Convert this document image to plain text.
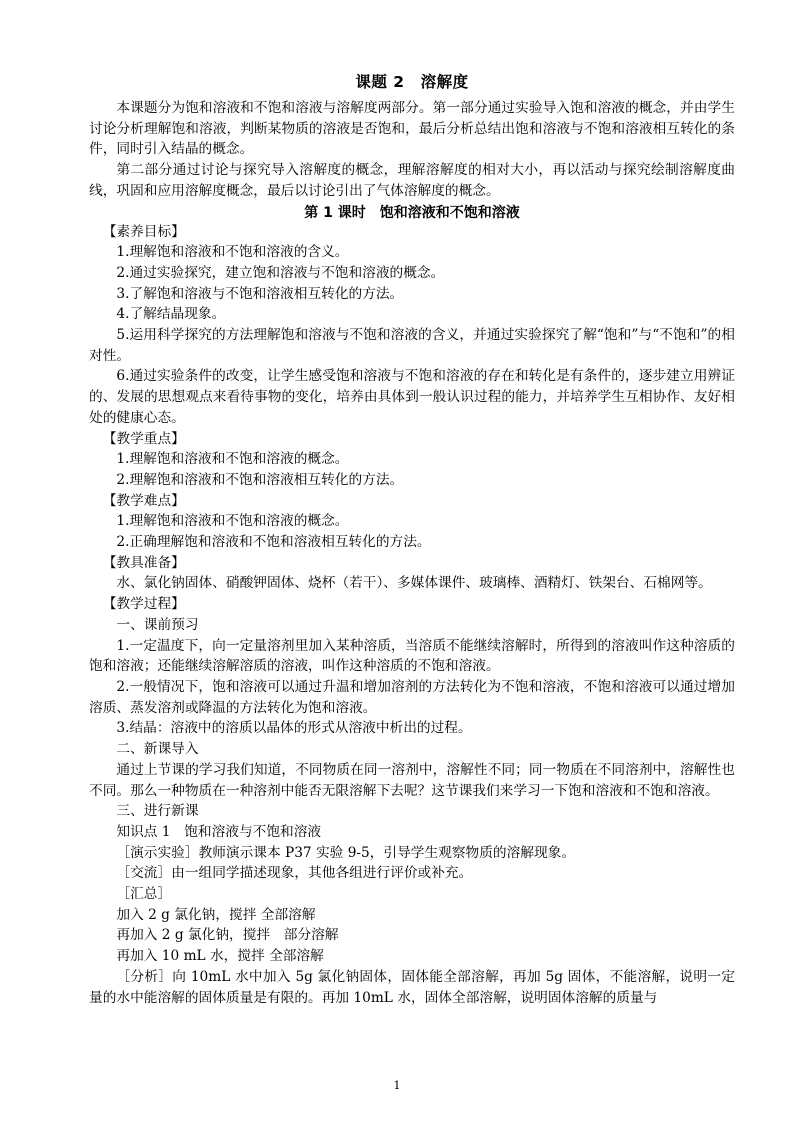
课题 2　溶解度

本课题分为饱和溶液和不饱和溶液与溶解度两部分。第一部分通过实验导入饱和溶液的概念，并由学生讨论分析理解饱和溶液，判断某物质的溶液是否饱和，最后分析总结出饱和溶液与不饱和溶液相互转化的条件，同时引入结晶的概念。

第二部分通过讨论与探究导入溶解度的概念，理解溶解度的相对大小，再以活动与探究绘制溶解度曲线，巩固和应用溶解度概念，最后以讨论引出了气体溶解度的概念。

第 1 课时　饱和溶液和不饱和溶液

【素养目标】

1.理解饱和溶液和不饱和溶液的含义。

2.通过实验探究，建立饱和溶液与不饱和溶液的概念。

3.了解饱和溶液与不饱和溶液相互转化的方法。

4.了解结晶现象。

5.运用科学探究的方法理解饱和溶液与不饱和溶液的含义，并通过实验探究了解“饱和”与“不饱和”的相对性。

6.通过实验条件的改变，让学生感受饱和溶液与不饱和溶液的存在和转化是有条件的，逐步建立用辨证的、发展的思想观点来看待事物的变化，培养由具体到一般认识过程的能力，并培养学生互相协作、友好相处的健康心态。

【教学重点】

1.理解饱和溶液和不饱和溶液的概念。

2.理解饱和溶液和不饱和溶液相互转化的方法。

【教学难点】

1.理解饱和溶液和不饱和溶液的概念。

2.正确理解饱和溶液和不饱和溶液相互转化的方法。

【教具准备】

水、氯化钠固体、硝酸钾固体、烧杯（若干）、多媒体课件、玻璃棒、酒精灯、铁架台、石棉网等。

【教学过程】

一、课前预习

1.一定温度下，向一定量溶剂里加入某种溶质，当溶质不能继续溶解时，所得到的溶液叫作这种溶质的饱和溶液；还能继续溶解溶质的溶液，叫作这种溶质的不饱和溶液。

2.一般情况下，饱和溶液可以通过升温和增加溶剂的方法转化为不饱和溶液，不饱和溶液可以通过增加溶质、蒸发溶剂或降温的方法转化为饱和溶液。

3.结晶：溶液中的溶质以晶体的形式从溶液中析出的过程。

二、新课导入

通过上节课的学习我们知道，不同物质在同一溶剂中，溶解性不同；同一物质在不同溶剂中，溶解性也不同。那么一种物质在一种溶剂中能否无限溶解下去呢？这节课我们来学习一下饱和溶液和不饱和溶液。

三、进行新课

知识点 1　饱和溶液与不饱和溶液

［演示实验］教师演示课本 P37 实验 9-5，引导学生观察物质的溶解现象。

［交流］由一组同学描述现象，其他各组进行评价或补充。

［汇总］

加入 2 g 氯化钠，搅拌 全部溶解

再加入 2 g 氯化钠，搅拌　部分溶解

再加入 10 mL 水，搅拌 全部溶解

［分析］向 10mL 水中加入 5g 氯化钠固体，固体能全部溶解，再加 5g 固体，不能溶解，说明一定量的水中能溶解的固体质量是有限的。再加 10mL 水，固体全部溶解，说明固体溶解的质量与

1
